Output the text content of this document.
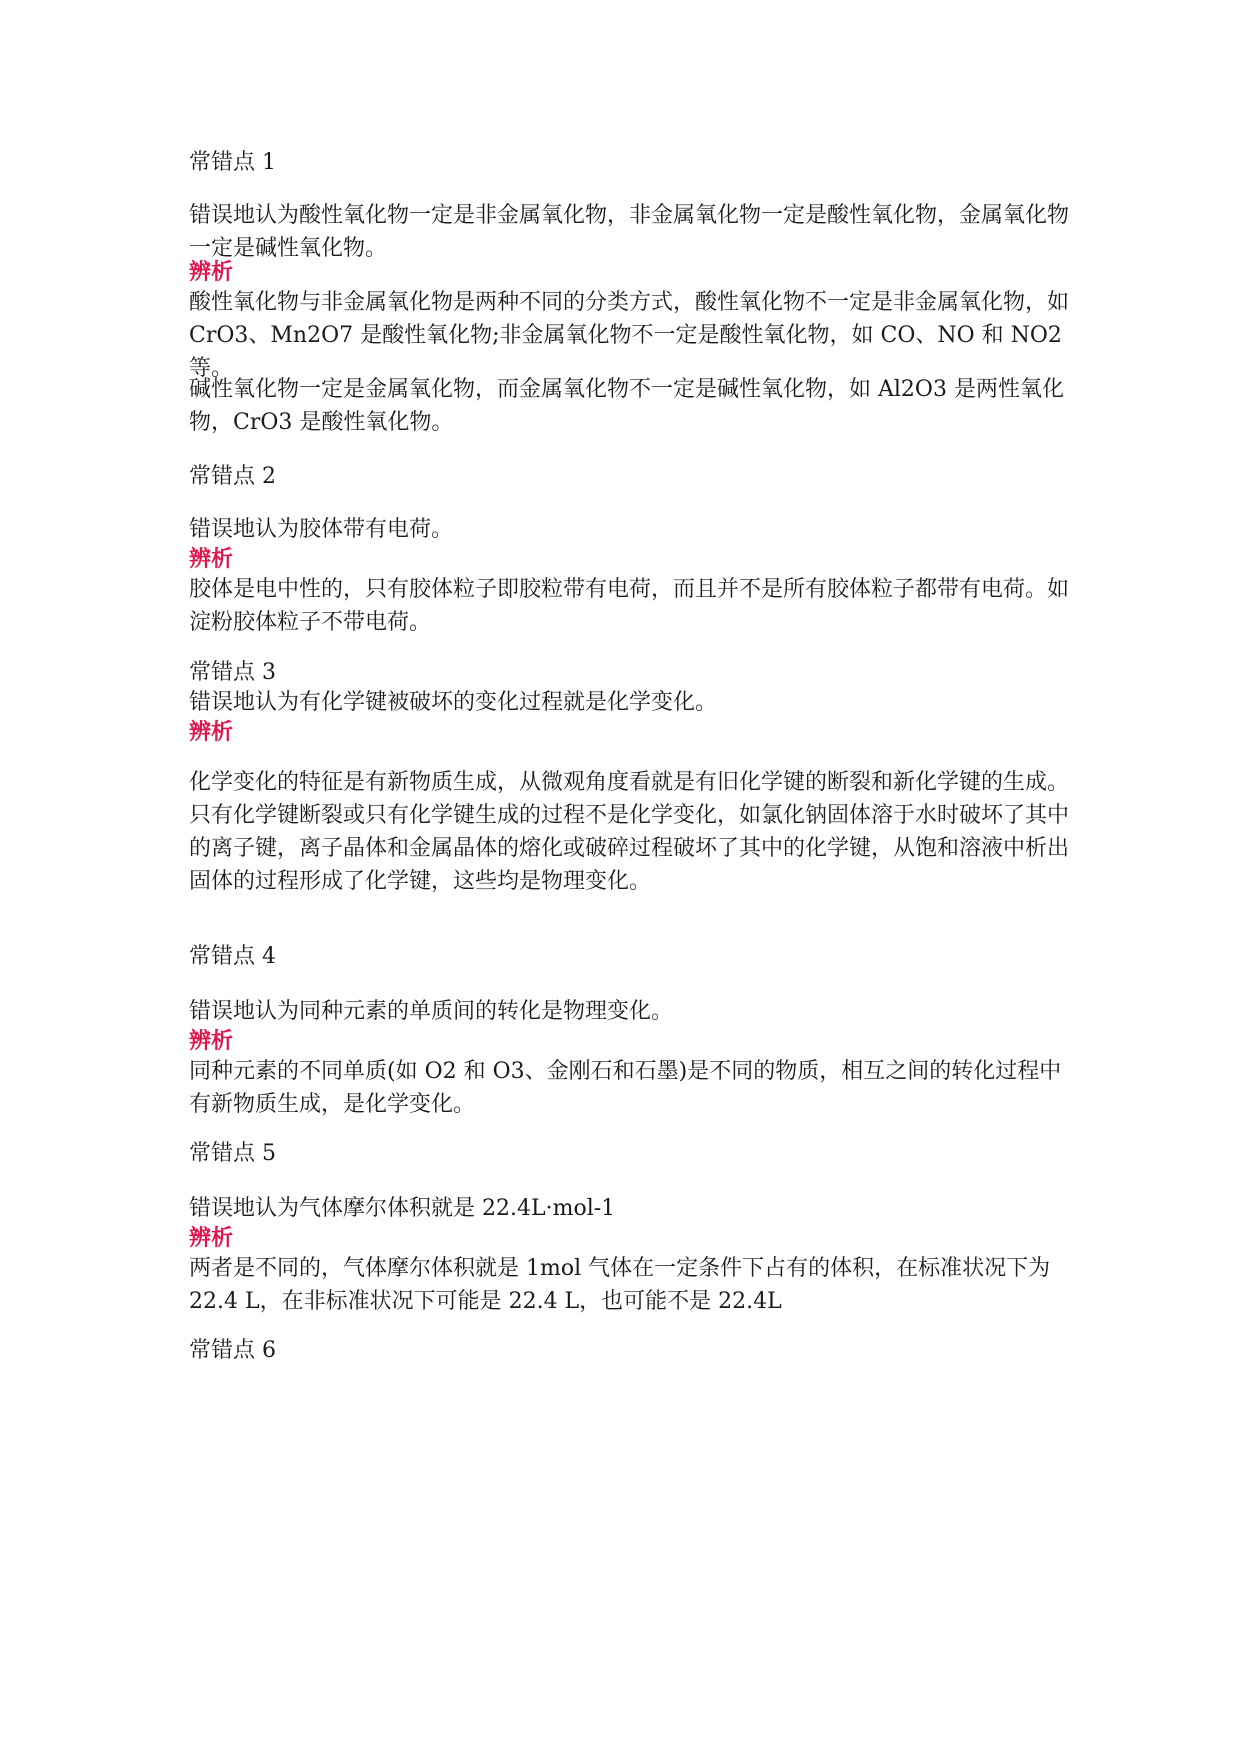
常错点 1
错误地认为酸性氧化物一定是非金属氧化物，非金属氧化物一定是酸性氧化物，金属氧化物一定是碱性氧化物。
辨析
酸性氧化物与非金属氧化物是两种不同的分类方式，酸性氧化物不一定是非金属氧化物，如 CrO3、Mn2O7 是酸性氧化物;非金属氧化物不一定是酸性氧化物，如 CO、NO 和 NO2 等。
碱性氧化物一定是金属氧化物，而金属氧化物不一定是碱性氧化物，如 Al2O3 是两性氧化物，CrO3 是酸性氧化物。
常错点 2
错误地认为胶体带有电荷。
辨析
胶体是电中性的，只有胶体粒子即胶粒带有电荷，而且并不是所有胶体粒子都带有电荷。如淀粉胶体粒子不带电荷。
常错点 3
错误地认为有化学键被破坏的变化过程就是化学变化。
辨析
化学变化的特征是有新物质生成，从微观角度看就是有旧化学键的断裂和新化学键的生成。只有化学键断裂或只有化学键生成的过程不是化学变化，如氯化钠固体溶于水时破坏了其中的离子键，离子晶体和金属晶体的熔化或破碎过程破坏了其中的化学键，从饱和溶液中析出固体的过程形成了化学键，这些均是物理变化。
常错点 4
错误地认为同种元素的单质间的转化是物理变化。
辨析
同种元素的不同单质(如 O2 和 O3、金刚石和石墨)是不同的物质，相互之间的转化过程中有新物质生成，是化学变化。
常错点 5
错误地认为气体摩尔体积就是 22.4L·mol-1
辨析
两者是不同的，气体摩尔体积就是 1mol 气体在一定条件下占有的体积，在标准状况下为 22.4 L，在非标准状况下可能是 22.4 L，也可能不是 22.4L
常错点 6
